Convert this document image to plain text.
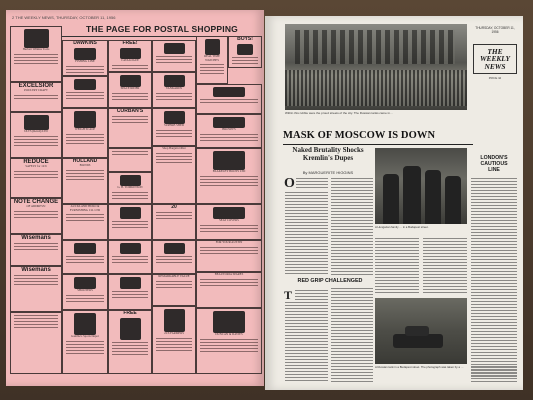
2 THE WEEKLY NEWS, THURSDAY, OCTOBER 11, 1956
THE PAGE FOR POSTAL SHOPPING
Herbert Wilkins Tools
DAWKINS
FISHING LINE
FREE!
CATALOGUE
REAL TIME WATCHES
BOYS!
EXCELSIOR
POULTRY CRAFT
SPACE RIDER	TANKARDS
SUPERB SHED
ULTS (Retail) LTD	WEIGH SCALE
CORBAN'S
BROWN'S
REDUCE
SAFELY for 12/6
HOLLAND
BLINDS
G. H. TOMKINSON
Shop Bargain Offer
BLAKELEY BOOTS LTD
NOTE CHANGE
OF ADDRESS!	AUCKLAND BURO & FURNISHING CO. LTD	20
SEAT COVERS
Wisemans
FOR YOUR AUSTIN
Wisemans
SHOOTERS
REMARKABLE VALUE	BEAUTORIA SPARES
Gamble's Sports Depot
FREE
22/6 FARMERS	DUNCAN & DAVIES
THURSDAY, OCTOBER 11, 1956
THE
WEEKLY
NEWS
PRICE 3d
Within this rubble were the proud streets of the city. The Russian tanks came in…
MASK OF MOSCOW IS DOWN
Naked Brutality Shocks
Kremlin's Dupes
By MARGUERITE HIGGINS
O
A Hungarian family … in a Budapest street.
LONDON'S
CAUTIOUS
LINE
RED GRIP CHALLENGED
T
A Russian tank in a Budapest street. The photograph was taken by a …
